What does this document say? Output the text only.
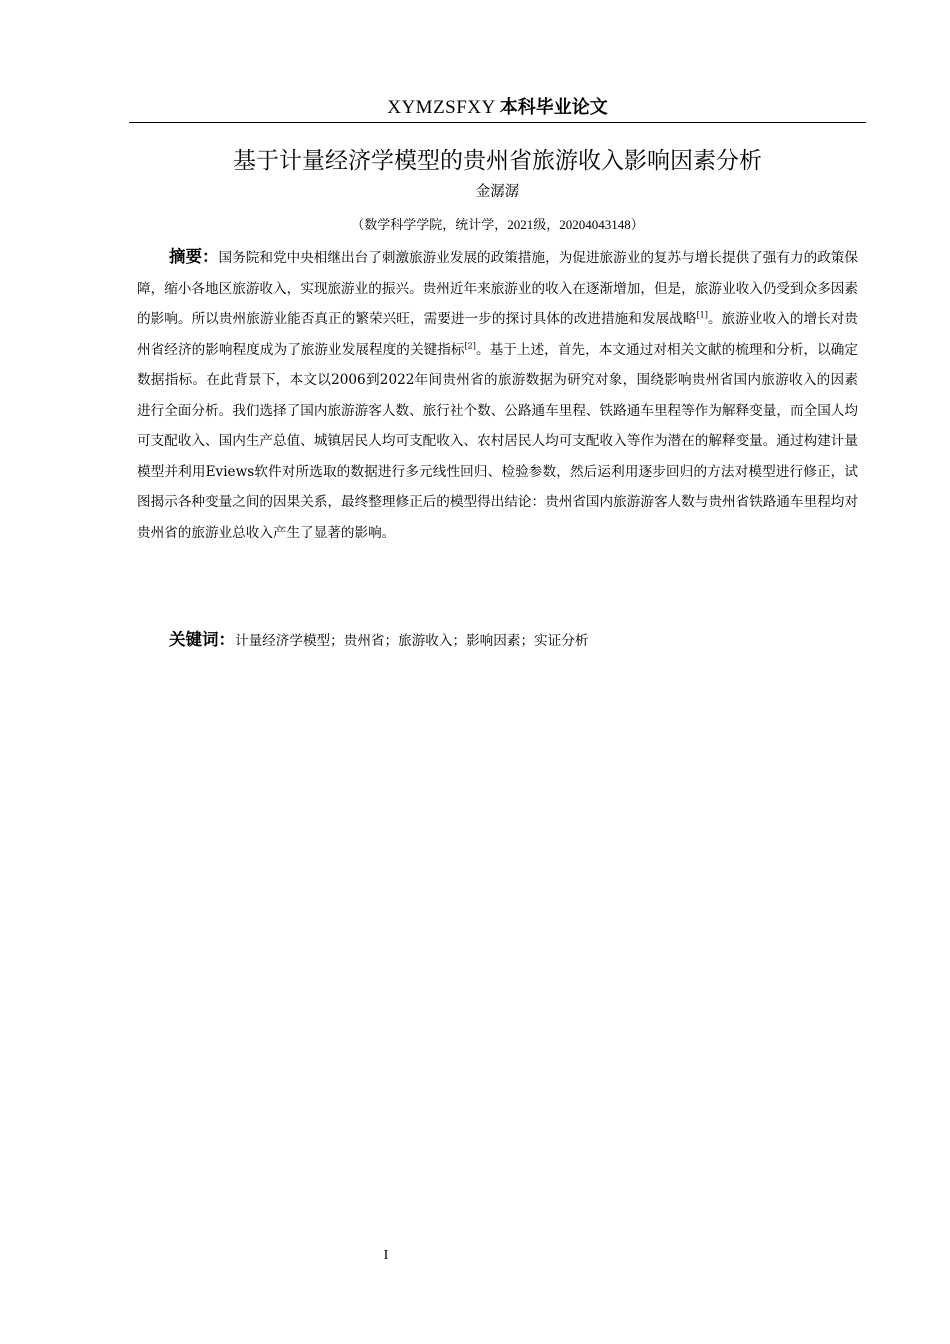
XYMZSFXY 本科毕业论文
基于计量经济学模型的贵州省旅游收入影响因素分析
金潺潺
（数学科学学院，统计学，2021级，20204043148）

摘要：国务院和党中央相继出台了刺激旅游业发展的政策措施，为促进旅游业的复苏与增长提供了强有力的政策保障，缩小各地区旅游收入，实现旅游业的振兴。贵州近年来旅游业的收入在逐渐增加，但是，旅游业收入仍受到众多因素的影响。所以贵州旅游业能否真正的繁荣兴旺，需要进一步的探讨具体的改进措施和发展战略[1]。旅游业收入的增长对贵州省经济的影响程度成为了旅游业发展程度的关键指标[2]。基于上述，首先，本文通过对相关文献的梳理和分析，以确定数据指标。在此背景下，本文以2006到2022年间贵州省的旅游数据为研究对象，围绕影响贵州省国内旅游收入的因素进行全面分析。我们选择了国内旅游游客人数、旅行社个数、公路通车里程、铁路通车里程等作为解释变量，而全国人均可支配收入、国内生产总值、城镇居民人均可支配收入、农村居民人均可支配收入等作为潜在的解释变量。通过构建计量模型并利用Eviews软件对所选取的数据进行多元线性回归、检验参数，然后运利用逐步回归的方法对模型进行修正，试图揭示各种变量之间的因果关系，最终整理修正后的模型得出结论：贵州省国内旅游游客人数与贵州省铁路通车里程均对贵州省的旅游业总收入产生了显著的影响。

关键词：计量经济学模型；贵州省；旅游收入；影响因素；实证分析
I
